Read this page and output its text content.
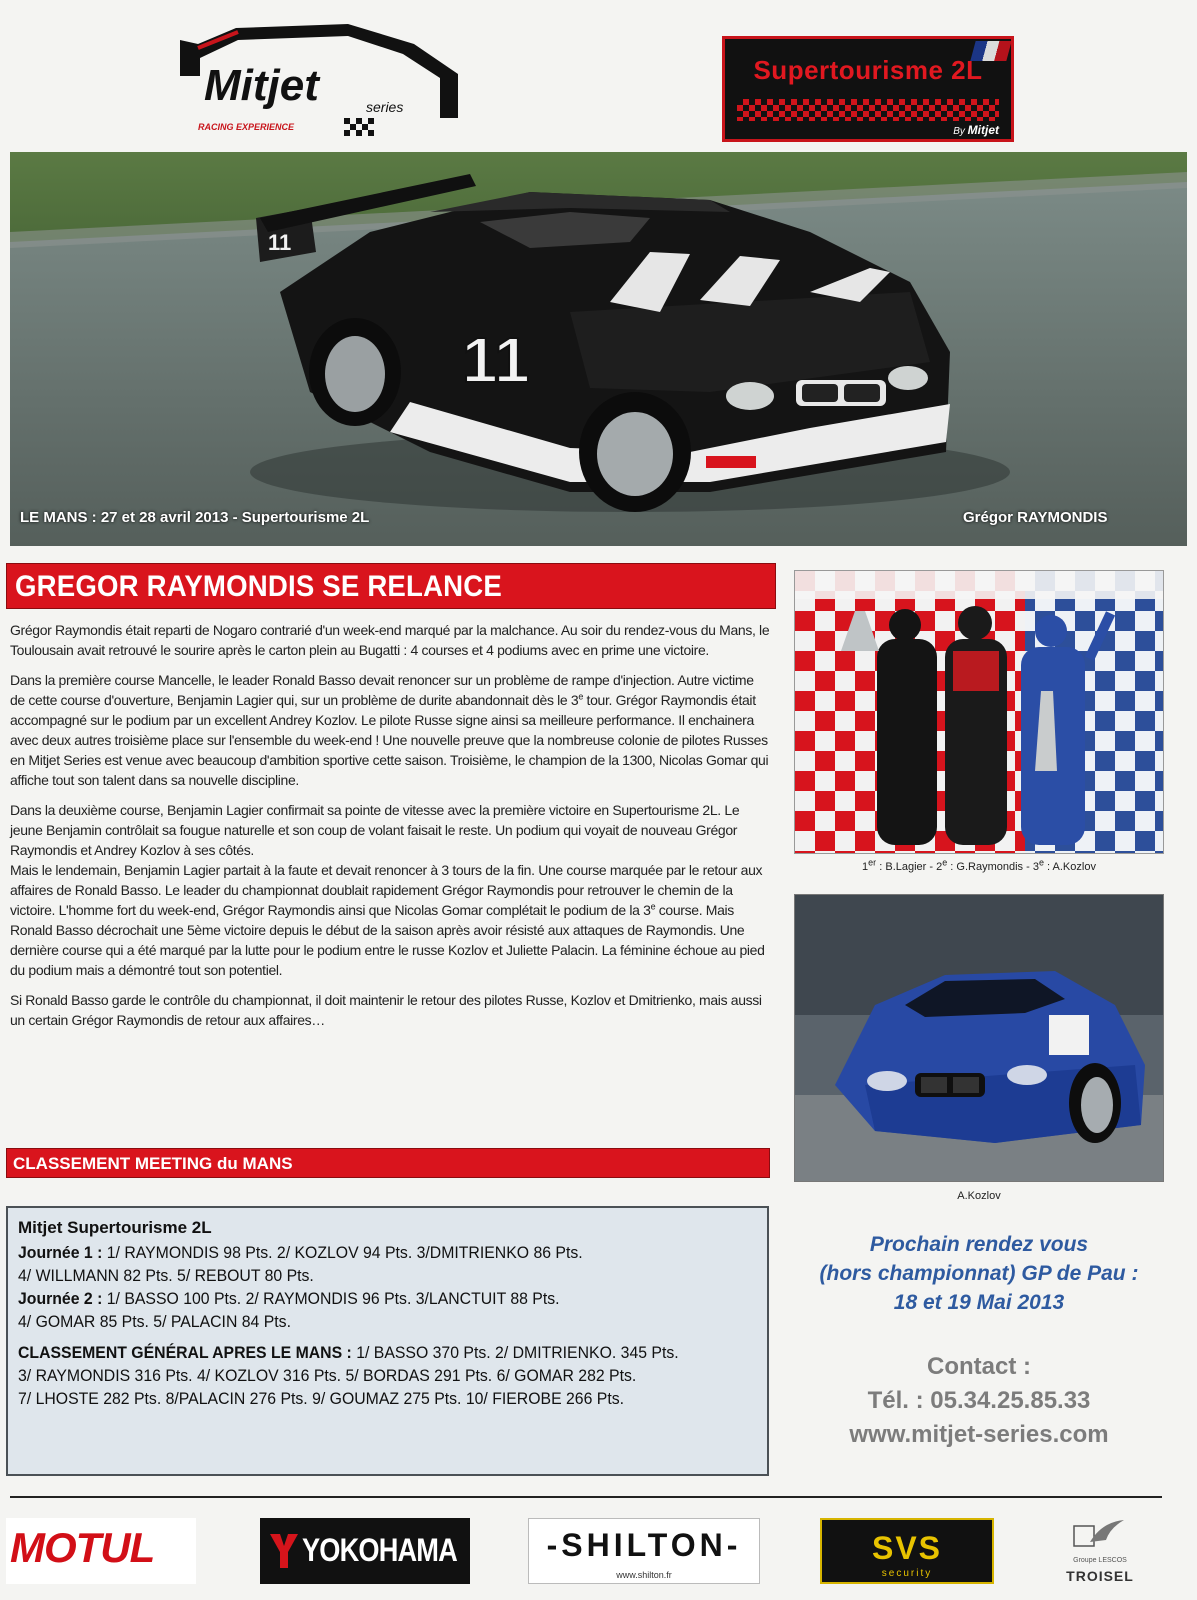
Mitjet	series
RACING EXPERIENCE
Supertourisme 2L
By Mitjet
11
11
LE MANS : 27 et 28 avril 2013 - Supertourisme 2L	Grégor RAYMONDIS
GREGOR RAYMONDIS SE RELANCE

Grégor Raymondis était reparti de Nogaro contrarié d'un week-end marqué par la malchance. Au soir du rendez-vous du Mans, le Toulousain avait retrouvé le sourire après le carton plein au Bugatti : 4 courses et 4 podiums avec en prime une victoire.

Dans la première course Mancelle, le leader Ronald Basso devait renoncer sur un problème de rampe d'injection. Autre victime de cette course d'ouverture, Benjamin Lagier qui, sur un problème de durite abandonnait dès le 3e tour. Grégor Raymondis était accompagné sur le podium par un excellent Andrey Kozlov. Le pilote Russe signe ainsi sa meilleure performance. Il enchainera avec deux autres troisième place sur l'ensemble du week-end ! Une nouvelle preuve que la nombreuse colonie de pilotes Russes en Mitjet Series est venue avec beaucoup d'ambition sportive cette saison. Troisième, le champion de la 1300, Nicolas Gomar qui affiche tout son talent dans sa nouvelle discipline.

Dans la deuxième course, Benjamin Lagier confirmait sa pointe de vitesse avec la première victoire en Supertourisme 2L. Le jeune Benjamin contrôlait sa fougue naturelle et son coup de volant faisait le reste. Un podium qui voyait de nouveau Grégor Raymondis et Andrey Kozlov à ses côtés.

Mais le lendemain, Benjamin Lagier partait à la faute et devait renoncer à 3 tours de la fin. Une course marquée par le retour aux affaires de Ronald Basso. Le leader du championnat doublait rapidement Grégor Raymondis pour retrouver le chemin de la victoire. L'homme fort du week-end, Grégor Raymondis ainsi que Nicolas Gomar complétait le podium de la 3e course. Mais Ronald Basso décrochait une 5ème victoire depuis le début de la saison après avoir résisté aux attaques de Raymondis. Une dernière course qui a été marqué par la lutte pour le podium entre le russe Kozlov et Juliette Palacin. La féminine échoue au pied du podium mais a démontré tout son potentiel.

Si Ronald Basso garde le contrôle du championnat, il doit maintenir le retour des pilotes Russe, Kozlov et Dmitrienko, mais aussi un certain Grégor Raymondis de retour aux affaires…

1er : B.Lagier - 2e : G.Raymondis - 3e : A.Kozlov
A.Kozlov
CLASSEMENT MEETING du MANS
Mitjet Supertourisme 2L
Journée 1 : 1/ RAYMONDIS 98 Pts. 2/ KOZLOV 94 Pts. 3/DMITRIENKO 86 Pts.
4/ WILLMANN 82 Pts. 5/ REBOUT 80 Pts.
Journée 2 : 1/ BASSO 100 Pts. 2/ RAYMONDIS 96 Pts. 3/LANCTUIT 88 Pts.
4/ GOMAR 85 Pts. 5/ PALACIN 84 Pts.
CLASSEMENT GÉNÉRAL APRES LE MANS : 1/ BASSO 370 Pts. 2/ DMITRIENKO. 345 Pts.
3/ RAYMONDIS 316 Pts. 4/ KOZLOV 316 Pts. 5/ BORDAS 291 Pts. 6/ GOMAR 282 Pts.
7/ LHOSTE 282 Pts. 8/PALACIN 276 Pts. 9/ GOUMAZ 275 Pts. 10/ FIEROBE 266 Pts.
Prochain rendez vous
(hors championnat) GP de Pau :
18 et 19 Mai 2013
Contact :
Tél. : 05.34.25.85.33
www.mitjet-series.com
MOTUL	YOKOHAMA	-SHILTON-
www.shilton.fr
SVS
security
Groupe LESCOS
TROISEL
